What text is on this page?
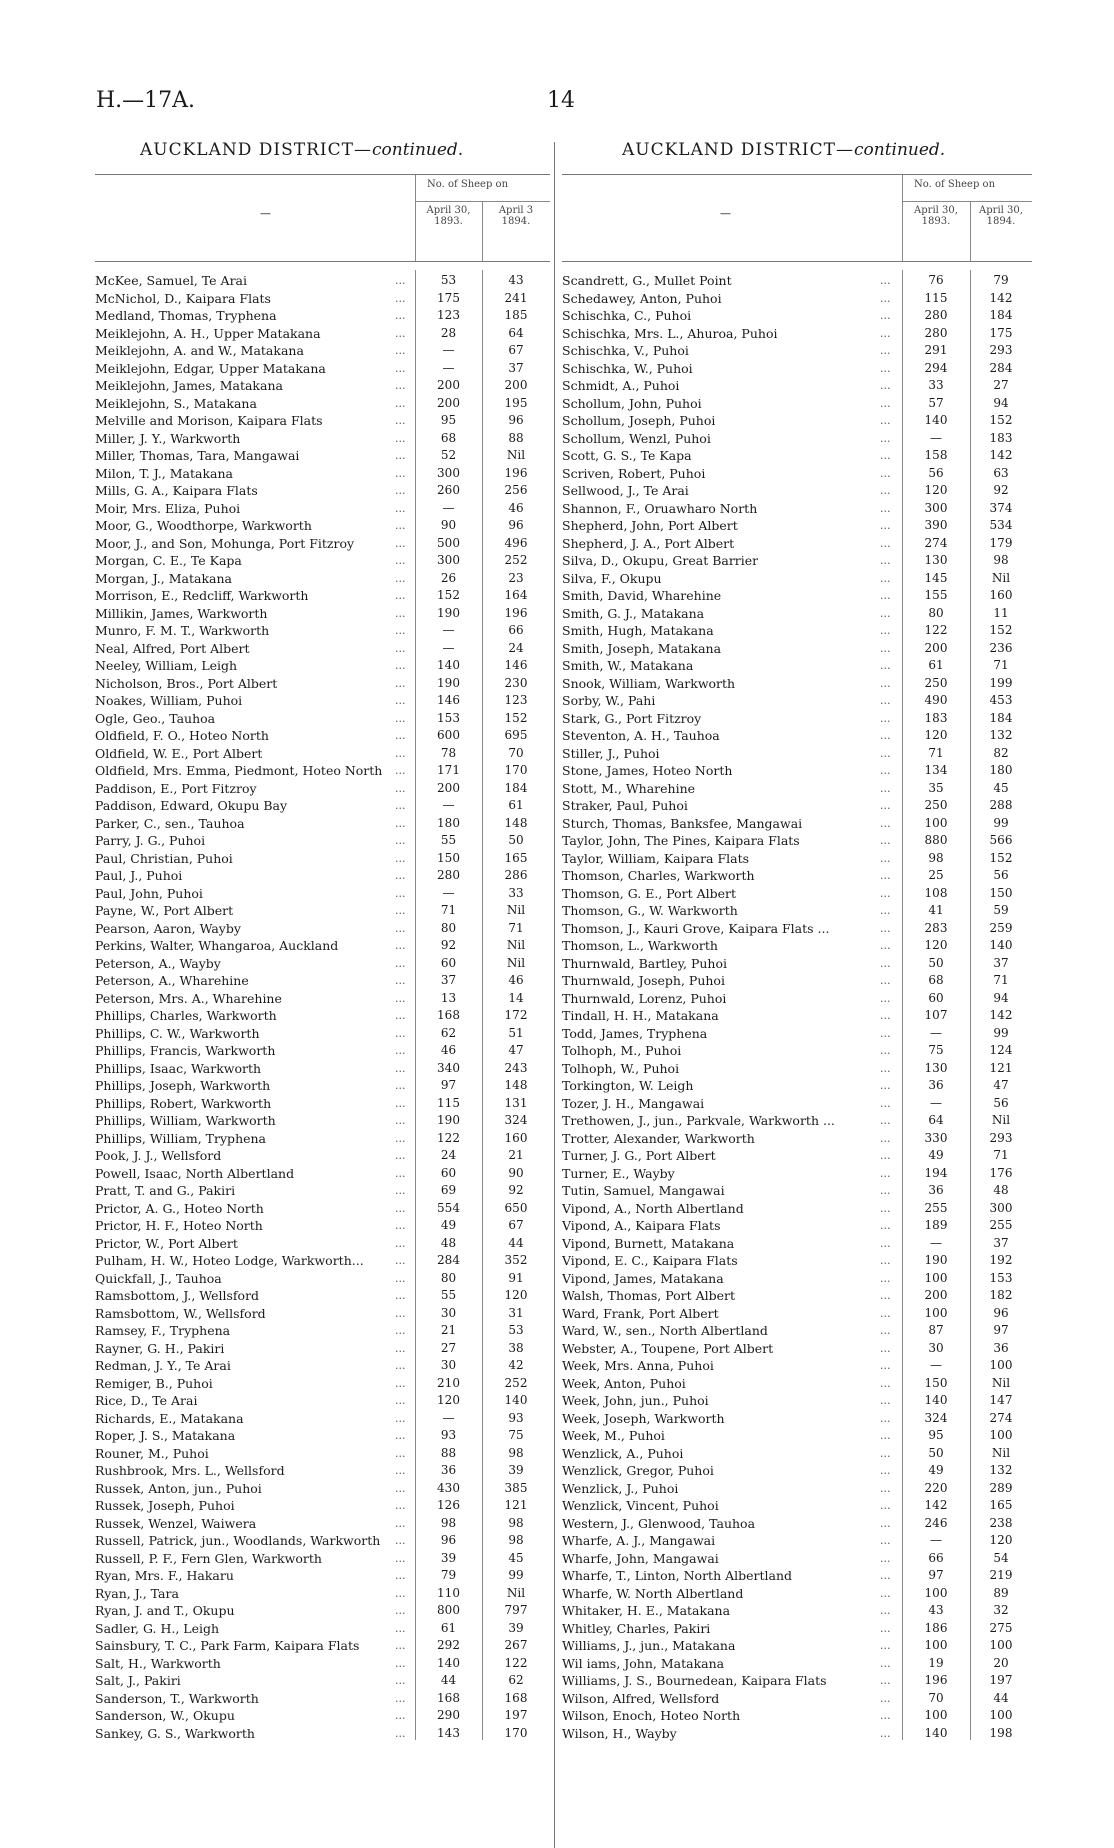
H.—17A.	14
AUCKLAND DISTRICT—continued.	AUCKLAND DISTRICT—continued.
—
No. of Sheep on
April 30,
1893.
April 3
1894.
McKee, Samuel, Te Arai	...	53	43
McNichol, D., Kaipara Flats	...	175	241
Medland, Thomas, Tryphena	...	123	185
Meiklejohn, A. H., Upper Matakana	...	28	64
Meiklejohn, A. and W., Matakana	...	—	67
Meiklejohn, Edgar, Upper Matakana	...	—	37
Meiklejohn, James, Matakana	...	200	200
Meiklejohn, S., Matakana	...	200	195
Melville and Morison, Kaipara Flats	...	95	96
Miller, J. Y., Warkworth	...	68	88
Miller, Thomas, Tara, Mangawai	...	52	Nil
Milon, T. J., Matakana	...	300	196
Mills, G. A., Kaipara Flats	...	260	256
Moir, Mrs. Eliza, Puhoi	...	—	46
Moor, G., Woodthorpe, Warkworth	...	90	96
Moor, J., and Son, Mohunga, Port Fitzroy	...	500	496
Morgan, C. E., Te Kapa	...	300	252
Morgan, J., Matakana	...	26	23
Morrison, E., Redcliff, Warkworth	...	152	164
Millikin, James, Warkworth	...	190	196
Munro, F. M. T., Warkworth	...	—	66
Neal, Alfred, Port Albert	...	—	24
Neeley, William, Leigh	...	140	146
Nicholson, Bros., Port Albert	...	190	230
Noakes, William, Puhoi	...	146	123
Ogle, Geo., Tauhoa	...	153	152
Oldfield, F. O., Hoteo North	...	600	695
Oldfield, W. E., Port Albert	...	78	70
Oldfield, Mrs. Emma, Piedmont, Hoteo North ...	171	170
Paddison, E., Port Fitzroy	...	200	184
Paddison, Edward, Okupu Bay	...	—	61
Parker, C., sen., Tauhoa	...	180	148
Parry, J. G., Puhoi	...	55	50
Paul, Christian, Puhoi	...	150	165
Paul, J., Puhoi	...	280	286
Paul, John, Puhoi	...	—	33
Payne, W., Port Albert	...	71	Nil
Pearson, Aaron, Wayby	...	80	71
Perkins, Walter, Whangaroa, Auckland	...	92	Nil
Peterson, A., Wayby	...	60	Nil
Peterson, A., Wharehine	...	37	46
Peterson, Mrs. A., Wharehine	...	13	14
Phillips, Charles, Warkworth	...	168	172
Phillips, C. W., Warkworth	...	62	51
Phillips, Francis, Warkworth	...	46	47
Phillips, Isaac, Warkworth	...	340	243
Phillips, Joseph, Warkworth	...	97	148
Phillips, Robert, Warkworth	...	115	131
Phillips, William, Warkworth	...	190	324
Phillips, William, Tryphena	...	122	160
Pook, J. J., Wellsford	...	24	21
Powell, Isaac, North Albertland	...	60	90
Pratt, T. and G., Pakiri	...	69	92
Prictor, A. G., Hoteo North	...	554	650
Prictor, H. F., Hoteo North	...	49	67
Prictor, W., Port Albert	...	48	44
Pulham, H. W., Hoteo Lodge, Warkworth...	...	284	352
Quickfall, J., Tauhoa	...	80	91
Ramsbottom, J., Wellsford	...	55	120
Ramsbottom, W., Wellsford	...	30	31
Ramsey, F., Tryphena	...	21	53
Rayner, G. H., Pakiri	...	27	38
Redman, J. Y., Te Arai	...	30	42
Remiger, B., Puhoi	...	210	252
Rice, D., Te Arai	...	120	140
Richards, E., Matakana	...	—	93
Roper, J. S., Matakana	...	93	75
Rouner, M., Puhoi	...	88	98
Rushbrook, Mrs. L., Wellsford	...	36	39
Russek, Anton, jun., Puhoi	...	430	385
Russek, Joseph, Puhoi	...	126	121
Russek, Wenzel, Waiwera	...	98	98
Russell, Patrick, jun., Woodlands, Warkworth ...	96	98
Russell, P. F., Fern Glen, Warkworth	...	39	45
Ryan, Mrs. F., Hakaru	...	79	99
Ryan, J., Tara	...	110	Nil
Ryan, J. and T., Okupu	...	800	797
Sadler, G. H., Leigh	...	61	39
Sainsbury, T. C., Park Farm, Kaipara Flats	...	292	267
Salt, H., Warkworth	...	140	122
Salt, J., Pakiri	...	44	62
Sanderson, T., Warkworth	...	168	168
Sanderson, W., Okupu	...	290	197
Sankey, G. S., Warkworth	...	143	170
—
No. of Sheep on
April 30,
1893.
April 30,
1894.
Scandrett, G., Mullet Point	...	76	79
Schedawey, Anton, Puhoi	...	115	142
Schischka, C., Puhoi	...	280	184
Schischka, Mrs. L., Ahuroa, Puhoi	...	280	175
Schischka, V., Puhoi	...	291	293
Schischka, W., Puhoi	...	294	284
Schmidt, A., Puhoi	...	33	27
Schollum, John, Puhoi	...	57	94
Schollum, Joseph, Puhoi	...	140	152
Schollum, Wenzl, Puhoi	...	—	183
Scott, G. S., Te Kapa	...	158	142
Scriven, Robert, Puhoi	...	56	63
Sellwood, J., Te Arai	...	120	92
Shannon, F., Oruawharo North	...	300	374
Shepherd, John, Port Albert	...	390	534
Shepherd, J. A., Port Albert	...	274	179
Silva, D., Okupu, Great Barrier	...	130	98
Silva, F., Okupu	...	145	Nil
Smith, David, Wharehine	...	155	160
Smith, G. J., Matakana	...	80	11
Smith, Hugh, Matakana	...	122	152
Smith, Joseph, Matakana	...	200	236
Smith, W., Matakana	...	61	71
Snook, William, Warkworth	...	250	199
Sorby, W., Pahi	...	490	453
Stark, G., Port Fitzroy	...	183	184
Steventon, A. H., Tauhoa	...	120	132
Stiller, J., Puhoi	...	71	82
Stone, James, Hoteo North	...	134	180
Stott, M., Wharehine	...	35	45
Straker, Paul, Puhoi	...	250	288
Sturch, Thomas, Banksfee, Mangawai	...	100	99
Taylor, John, The Pines, Kaipara Flats	...	880	566
Taylor, William, Kaipara Flats	...	98	152
Thomson, Charles, Warkworth	...	25	56
Thomson, G. E., Port Albert	...	108	150
Thomson, G., W. Warkworth	...	41	59
Thomson, J., Kauri Grove, Kaipara Flats ...	...	283	259
Thomson, L., Warkworth	...	120	140
Thurnwald, Bartley, Puhoi	...	50	37
Thurnwald, Joseph, Puhoi	...	68	71
Thurnwald, Lorenz, Puhoi	...	60	94
Tindall, H. H., Matakana	...	107	142
Todd, James, Tryphena	...	—	99
Tolhoph, M., Puhoi	...	75	124
Tolhoph, W., Puhoi	...	130	121
Torkington, W. Leigh	...	36	47
Tozer, J. H., Mangawai	...	—	56
Trethowen, J., jun., Parkvale, Warkworth ...	...	64	Nil
Trotter, Alexander, Warkworth	...	330	293
Turner, J. G., Port Albert	...	49	71
Turner, E., Wayby	...	194	176
Tutin, Samuel, Mangawai	...	36	48
Vipond, A., North Albertland	...	255	300
Vipond, A., Kaipara Flats	...	189	255
Vipond, Burnett, Matakana	...	—	37
Vipond, E. C., Kaipara Flats	...	190	192
Vipond, James, Matakana	...	100	153
Walsh, Thomas, Port Albert	...	200	182
Ward, Frank, Port Albert	...	100	96
Ward, W., sen., North Albertland	...	87	97
Webster, A., Toupene, Port Albert	...	30	36
Week, Mrs. Anna, Puhoi	...	—	100
Week, Anton, Puhoi	...	150	Nil
Week, John, jun., Puhoi	...	140	147
Week, Joseph, Warkworth	...	324	274
Week, M., Puhoi	...	95	100
Wenzlick, A., Puhoi	...	50	Nil
Wenzlick, Gregor, Puhoi	...	49	132
Wenzlick, J., Puhoi	...	220	289
Wenzlick, Vincent, Puhoi	...	142	165
Western, J., Glenwood, Tauhoa	...	246	238
Wharfe, A. J., Mangawai	...	—	120
Wharfe, John, Mangawai	...	66	54
Wharfe, T., Linton, North Albertland	...	97	219
Wharfe, W. North Albertland	...	100	89
Whitaker, H. E., Matakana	...	43	32
Whitley, Charles, Pakiri	...	186	275
Williams, J., jun., Matakana	...	100	100
Wil iams, John, Matakana	...	19	20
Williams, J. S., Bournedean, Kaipara Flats	...	196	197
Wilson, Alfred, Wellsford	...	70	44
Wilson, Enoch, Hoteo North	...	100	100
Wilson, H., Wayby	...	140	198
